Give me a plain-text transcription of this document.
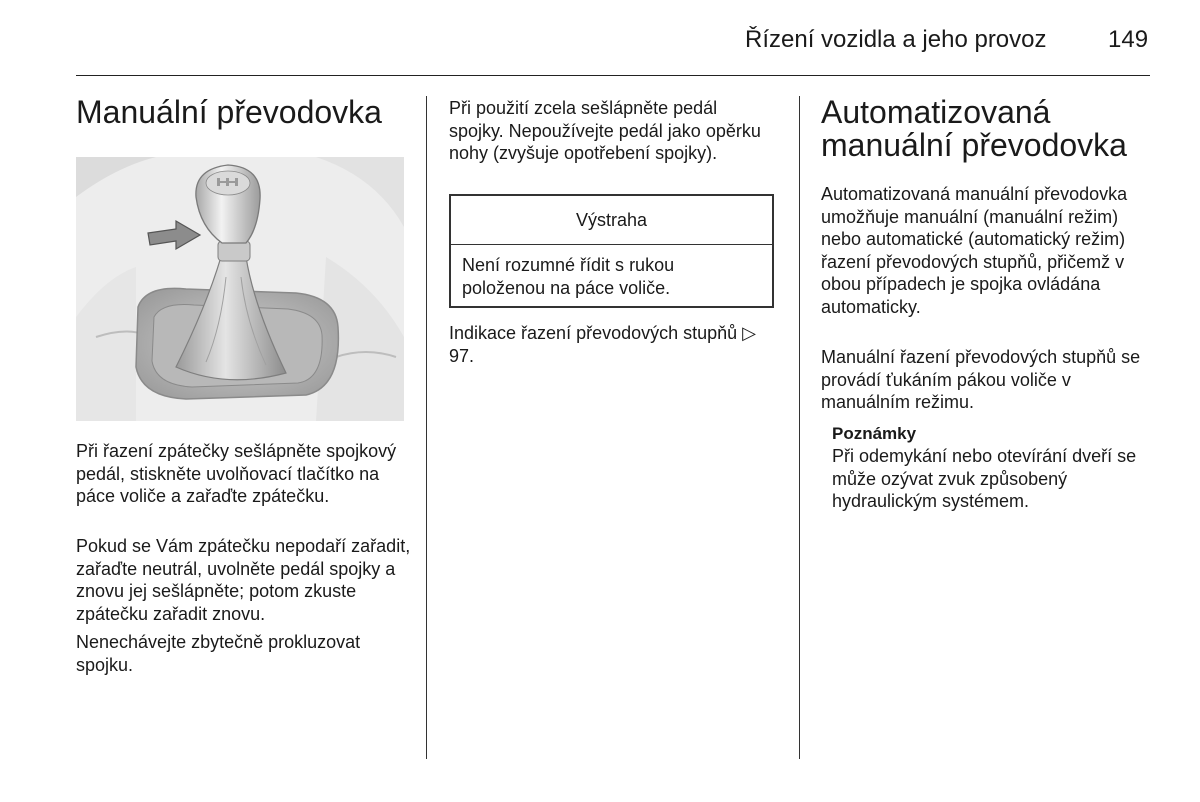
Řízení vozidla a jeho provoz	149
Manuální převodovka

Při řazení zpátečky sešlápněte spojkový pedál, stiskněte uvolňovací tlačítko na páce voliče a zařaďte zpátečku.

Pokud se Vám zpátečku nepodaří zařadit, zařaďte neutrál, uvolněte pedál spojky a znovu jej sešlápněte; potom zkuste zpátečku zařadit znovu.

Nenechávejte zbytečně prokluzovat spojku.

Při použití zcela sešlápněte pedál spojky. Nepoužívejte pedál jako opěrku nohy (zvyšuje opotřebení spojky).

Výstraha
Není rozumné řídit s rukou položenou na páce voliče.

Indikace řazení převodových stupňů ▷ 97.

Automatizovaná manuální převodovka

Automatizovaná manuální převodovka umožňuje manuální (manuální režim) nebo automatické (automatický režim) řazení převodových stupňů, přičemž v obou případech je spojka ovládána automaticky.

Manuální řazení převodových stupňů se provádí ťukáním pákou voliče v manuálním režimu.

Poznámky
Při odemykání nebo otevírání dveří se může ozývat zvuk způsobený hydraulickým systémem.
